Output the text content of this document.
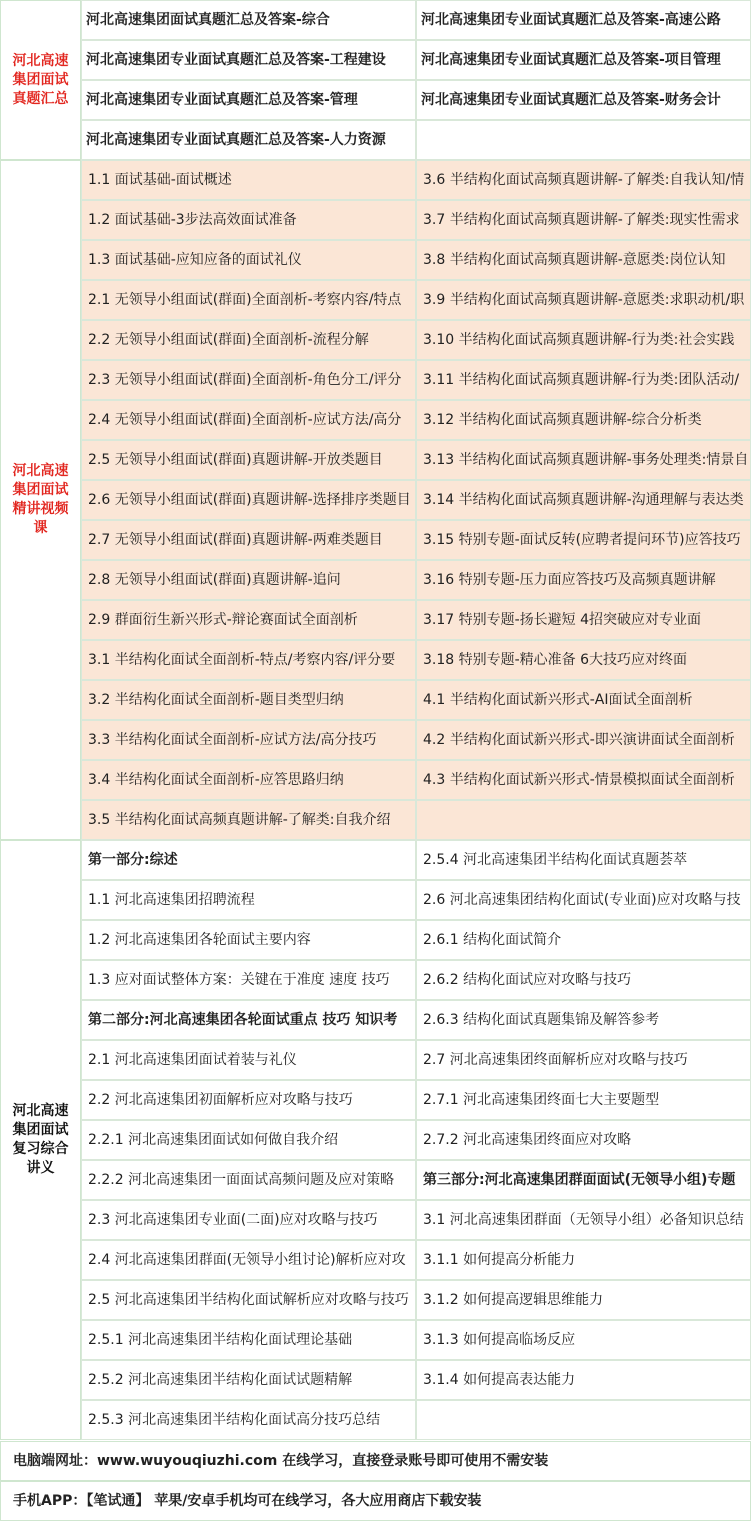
河北高速集团面试真题汇总
河北高速集团面试真题汇总及答案-综合	河北高速集团专业面试真题汇总及答案-高速公路
河北高速集团专业面试真题汇总及答案-工程建设	河北高速集团专业面试真题汇总及答案-项目管理
河北高速集团专业面试真题汇总及答案-管理	河北高速集团专业面试真题汇总及答案-财务会计
河北高速集团专业面试真题汇总及答案-人力资源
河北高速集团面试精讲视频课
1.1 面试基础-面试概述	3.6 半结构化面试高频真题讲解-了解类:自我认知/情
1.2 面试基础-3步法高效面试准备	3.7 半结构化面试高频真题讲解-了解类:现实性需求
1.3 面试基础-应知应备的面试礼仪	3.8 半结构化面试高频真题讲解-意愿类:岗位认知
2.1 无领导小组面试(群面)全面剖析-考察内容/特点	3.9 半结构化面试高频真题讲解-意愿类:求职动机/职
2.2 无领导小组面试(群面)全面剖析-流程分解	3.10 半结构化面试高频真题讲解-行为类:社会实践
2.3 无领导小组面试(群面)全面剖析-角色分工/评分	3.11 半结构化面试高频真题讲解-行为类:团队活动/
2.4 无领导小组面试(群面)全面剖析-应试方法/高分	3.12 半结构化面试高频真题讲解-综合分析类
2.5 无领导小组面试(群面)真题讲解-开放类题目	3.13 半结构化面试高频真题讲解-事务处理类:情景自
2.6 无领导小组面试(群面)真题讲解-选择排序类题目 3.14 半结构化面试高频真题讲解-沟通理解与表达类
2.7 无领导小组面试(群面)真题讲解-两难类题目	3.15 特别专题-面试反转(应聘者提问环节)应答技巧
2.8 无领导小组面试(群面)真题讲解-追问	3.16 特别专题-压力面应答技巧及高频真题讲解
2.9 群面衍生新兴形式-辩论赛面试全面剖析	3.17 特别专题-扬长避短 4招突破应对专业面
3.1 半结构化面试全面剖析-特点/考察内容/评分要	3.18 特别专题-精心准备 6大技巧应对终面
3.2 半结构化面试全面剖析-题目类型归纳	4.1 半结构化面试新兴形式-AI面试全面剖析
3.3 半结构化面试全面剖析-应试方法/高分技巧	4.2 半结构化面试新兴形式-即兴演讲面试全面剖析
3.4 半结构化面试全面剖析-应答思路归纳	4.3 半结构化面试新兴形式-情景模拟面试全面剖析
3.5 半结构化面试高频真题讲解-了解类:自我介绍
河北高速集团面试复习综合讲义
第一部分:综述	2.5.4 河北高速集团半结构化面试真题荟萃
1.1 河北高速集团招聘流程	2.6 河北高速集团结构化面试(专业面)应对攻略与技
1.2 河北高速集团各轮面试主要内容	2.6.1 结构化面试简介
1.3 应对面试整体方案：关键在于准度 速度 技巧	2.6.2 结构化面试应对攻略与技巧
第二部分:河北高速集团各轮面试重点 技巧 知识考	2.6.3 结构化面试真题集锦及解答参考
2.1 河北高速集团面试着装与礼仪	2.7 河北高速集团终面解析应对攻略与技巧
2.2 河北高速集团初面解析应对攻略与技巧	2.7.1 河北高速集团终面七大主要题型
2.2.1 河北高速集团面试如何做自我介绍	2.7.2 河北高速集团终面应对攻略
2.2.2 河北高速集团一面面试高频问题及应对策略	第三部分:河北高速集团群面面试(无领导小组)专题
2.3 河北高速集团专业面(二面)应对攻略与技巧	3.1 河北高速集团群面（无领导小组）必备知识总结
2.4 河北高速集团群面(无领导小组讨论)解析应对攻	3.1.1 如何提高分析能力
2.5 河北高速集团半结构化面试解析应对攻略与技巧	3.1.2 如何提高逻辑思维能力
2.5.1 河北高速集团半结构化面试理论基础	3.1.3 如何提高临场反应
2.5.2 河北高速集团半结构化面试试题精解	3.1.4 如何提高表达能力
2.5.3 河北高速集团半结构化面试高分技巧总结
电脑端网址：www.wuyouqiuzhi.com 在线学习，直接登录账号即可使用不需安装
手机APP：【笔试通】 苹果/安卓手机均可在线学习，各大应用商店下载安装
